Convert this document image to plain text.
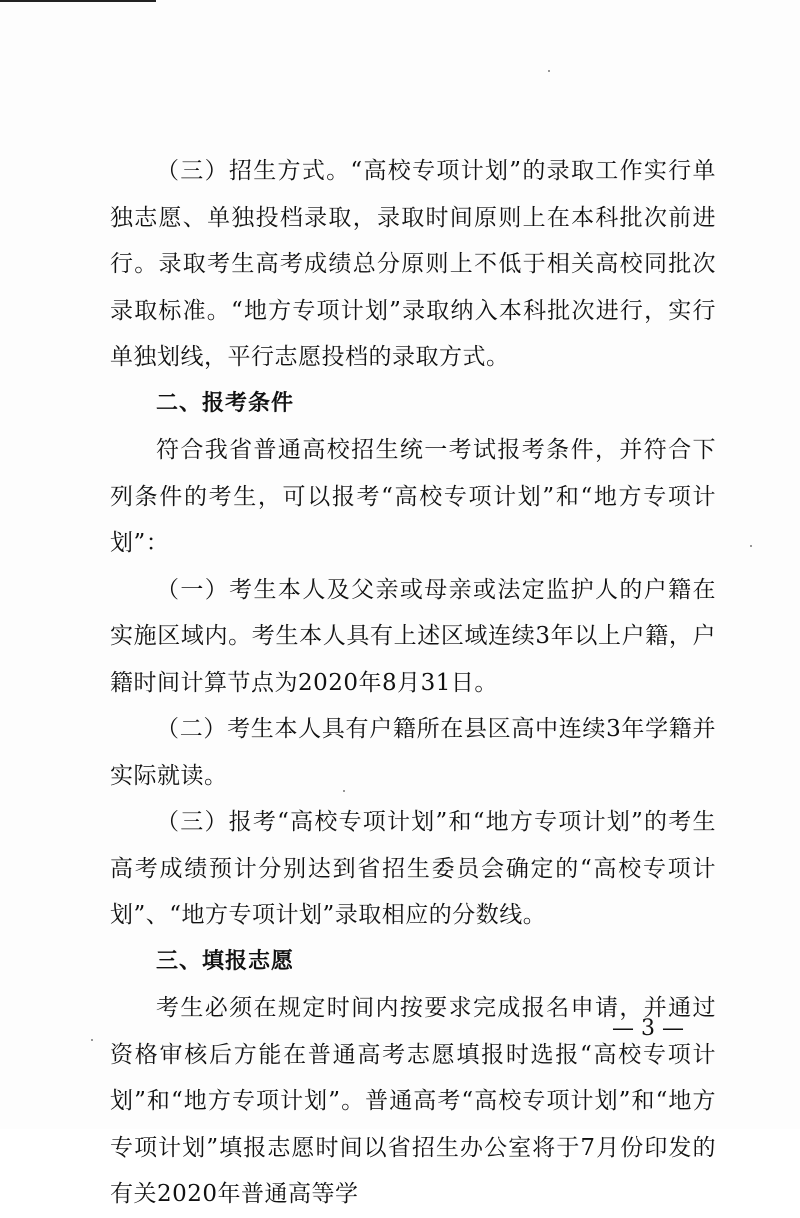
（三）招生方式。“高校专项计划”的录取工作实行单独志愿、单独投档录取，录取时间原则上在本科批次前进行。录取考生高考成绩总分原则上不低于相关高校同批次录取标准。“地方专项计划”录取纳入本科批次进行，实行单独划线，平行志愿投档的录取方式。

二、报考条件

符合我省普通高校招生统一考试报考条件，并符合下列条件的考生，可以报考“高校专项计划”和“地方专项计划”：

（一）考生本人及父亲或母亲或法定监护人的户籍在实施区域内。考生本人具有上述区域连续3年以上户籍，户籍时间计算节点为2020年8月31日。

（二）考生本人具有户籍所在县区高中连续3年学籍并实际就读。

（三）报考“高校专项计划”和“地方专项计划”的考生高考成绩预计分别达到省招生委员会确定的“高校专项计划”、“地方专项计划”录取相应的分数线。

三、填报志愿

考生必须在规定时间内按要求完成报名申请，并通过资格审核后方能在普通高考志愿填报时选报“高校专项计划”和“地方专项计划”。普通高考“高校专项计划”和“地方专项计划”填报志愿时间以省招生办公室将于7月份印发的有关2020年普通高等学

— 3 —
